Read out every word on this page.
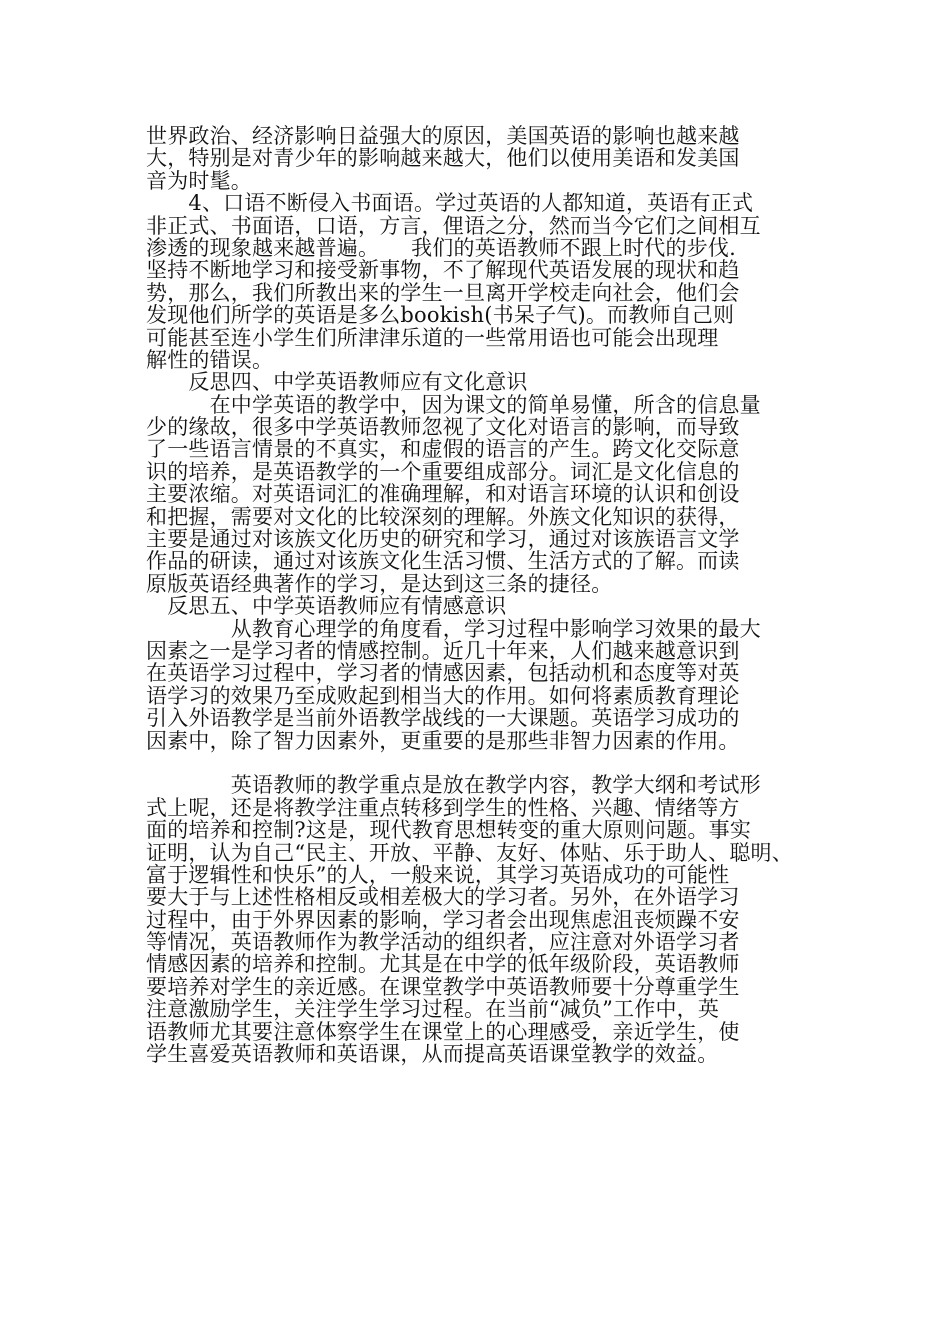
世界政治、经济影响日益强大的原因，美国英语的影响也越来越
大，特别是对青少年的影响越来越大，他们以使用美语和发美国
音为时髦。
　　4、口语不断侵入书面语。学过英语的人都知道，英语有正式
非正式、书面语，口语，方言，俚语之分，然而当今它们之间相互
渗透的现象越来越普遍。　　我们的英语教师不跟上时代的步伐.
坚持不断地学习和接受新事物，不了解现代英语发展的现状和趋
势，那么，我们所教出来的学生一旦离开学校走向社会，他们会
发现他们所学的英语是多么bookish(书呆子气)。而教师自己则
可能甚至连小学生们所津津乐道的一些常用语也可能会出现理
解性的错误。
　　反思四、中学英语教师应有文化意识
　　　在中学英语的教学中，因为课文的简单易懂，所含的信息量
少的缘故，很多中学英语教师忽视了文化对语言的影响，而导致
了一些语言情景的不真实，和虚假的语言的产生。跨文化交际意
识的培养，是英语教学的一个重要组成部分。词汇是文化信息的
主要浓缩。对英语词汇的准确理解，和对语言环境的认识和创设
和把握，需要对文化的比较深刻的理解。外族文化知识的获得，
主要是通过对该族文化历史的研究和学习，通过对该族语言文学
作品的研读，通过对该族文化生活习惯、生活方式的了解。而读
原版英语经典著作的学习，是达到这三条的捷径。
　反思五、中学英语教师应有情感意识
　　　　从教育心理学的角度看，学习过程中影响学习效果的最大
因素之一是学习者的情感控制。近几十年来，人们越来越意识到
在英语学习过程中，学习者的情感因素，包括动机和态度等对英
语学习的效果乃至成败起到相当大的作用。如何将素质教育理论
引入外语教学是当前外语教学战线的一大课题。英语学习成功的
因素中，除了智力因素外，更重要的是那些非智力因素的作用。
　　　　英语教师的教学重点是放在教学内容，教学大纲和考试形
式上呢，还是将教学注重点转移到学生的性格、兴趣、情绪等方
面的培养和控制?这是，现代教育思想转变的重大原则问题。事实
证明，认为自己“民主、开放、平静、友好、体贴、乐于助人、聪明、
富于逻辑性和快乐”的人，一般来说，其学习英语成功的可能性
要大于与上述性格相反或相差极大的学习者。另外，在外语学习
过程中，由于外界因素的影响，学习者会出现焦虑沮丧烦躁不安
等情况，英语教师作为教学活动的组织者，应注意对外语学习者
情感因素的培养和控制。尤其是在中学的低年级阶段，英语教师
要培养对学生的亲近感。在课堂教学中英语教师要十分尊重学生
注意激励学生，关注学生学习过程。在当前“减负”工作中，英
语教师尤其要注意体察学生在课堂上的心理感受，亲近学生，使
学生喜爱英语教师和英语课，从而提高英语课堂教学的效益。
